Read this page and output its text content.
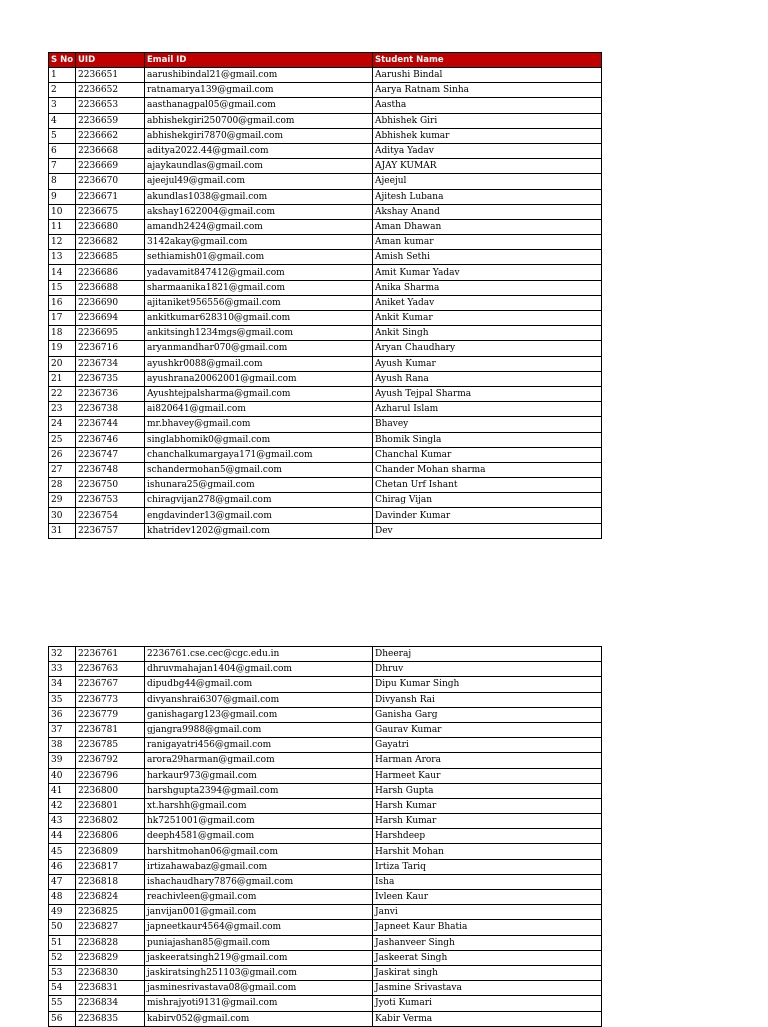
S No	UID	Email ID	Student Name
1	2236651	aarushibindal21@gmail.com	Aarushi Bindal
2	2236652	ratnamarya139@gmail.com	Aarya Ratnam Sinha
3	2236653	aasthanagpal05@gmail.com	Aastha
4	2236659	abhishekgiri250700@gmail.com	Abhishek Giri
5	2236662	abhishekgiri7870@gmail.com	Abhishek kumar
6	2236668	aditya2022.44@gmail.com	Aditya Yadav
7	2236669	ajaykaundlas@gmail.com	AJAY KUMAR
8	2236670	ajeejul49@gmail.com	Ajeejul
9	2236671	akundlas1038@gmail.com	Ajitesh Lubana
10	2236675	akshay1622004@gmail.com	Akshay Anand
11	2236680	amandh2424@gmail.com	Aman Dhawan
12	2236682	3142akay@gmail.com	Aman kumar
13	2236685	sethiamish01@gmail.com	Amish Sethi
14	2236686	yadavamit847412@gmail.com	Amit Kumar Yadav
15	2236688	sharmaanika1821@gmail.com	Anika Sharma
16	2236690	ajitaniket956556@gmail.com	Aniket Yadav
17	2236694	ankitkumar628310@gmail.com	Ankit Kumar
18	2236695	ankitsingh1234mgs@gmail.com	Ankit Singh
19	2236716	aryanmandhar070@gmail.com	Aryan Chaudhary
20	2236734	ayushkr0088@gmail.com	Ayush Kumar
21	2236735	ayushrana20062001@gmail.com	Ayush Rana
22	2236736	Ayushtejpalsharma@gmail.com	Ayush Tejpal Sharma
23	2236738	ai820641@gmail.com	Azharul Islam
24	2236744	mr.bhavey@gmail.com	Bhavey
25	2236746	singlabhomik0@gmail.com	Bhomik Singla
26	2236747	chanchalkumargaya171@gmail.com	Chanchal Kumar
27	2236748	schandermohan5@gmail.com	Chander Mohan sharma
28	2236750	ishunara25@gmail.com	Chetan Urf Ishant
29	2236753	chiragvijan278@gmail.com	Chirag Vijan
30	2236754	engdavinder13@gmail.com	Davinder Kumar
31	2236757	khatridev1202@gmail.com	Dev
32	2236761	2236761.cse.cec@cgc.edu.in	Dheeraj
33	2236763	dhruvmahajan1404@gmail.com	Dhruv
34	2236767	dipudbg44@gmail.com	Dipu Kumar Singh
35	2236773	divyanshrai6307@gmail.com	Divyansh Rai
36	2236779	ganishagarg123@gmail.com	Ganisha Garg
37	2236781	gjangra9988@gmail.com	Gaurav Kumar
38	2236785	ranigayatri456@gmail.com	Gayatri
39	2236792	arora29harman@gmail.com	Harman Arora
40	2236796	harkaur973@gmail.com	Harmeet Kaur
41	2236800	harshgupta2394@gmail.com	Harsh Gupta
42	2236801	xt.harshh@gmail.com	Harsh Kumar
43	2236802	hk7251001@gmail.com	Harsh Kumar
44	2236806	deeph4581@gmail.com	Harshdeep
45	2236809	harshitmohan06@gmail.com	Harshit Mohan
46	2236817	irtizahawabaz@gmail.com	Irtiza Tariq
47	2236818	ishachaudhary7876@gmail.com	Isha
48	2236824	reachivleen@gmail.com	Ivleen Kaur
49	2236825	janvijan001@gmail.com	Janvi
50	2236827	japneetkaur4564@gmail.com	Japneet Kaur Bhatia
51	2236828	puniajashan85@gmail.com	Jashanveer Singh
52	2236829	jaskeeratsingh219@gmail.com	Jaskeerat Singh
53	2236830	jaskiratsingh251103@gmail.com	Jaskirat singh
54	2236831	jasminesrivastava08@gmail.com	Jasmine Srivastava
55	2236834	mishrajyoti9131@gmail.com	Jyoti Kumari
56	2236835	kabirv052@gmail.com	Kabir Verma
